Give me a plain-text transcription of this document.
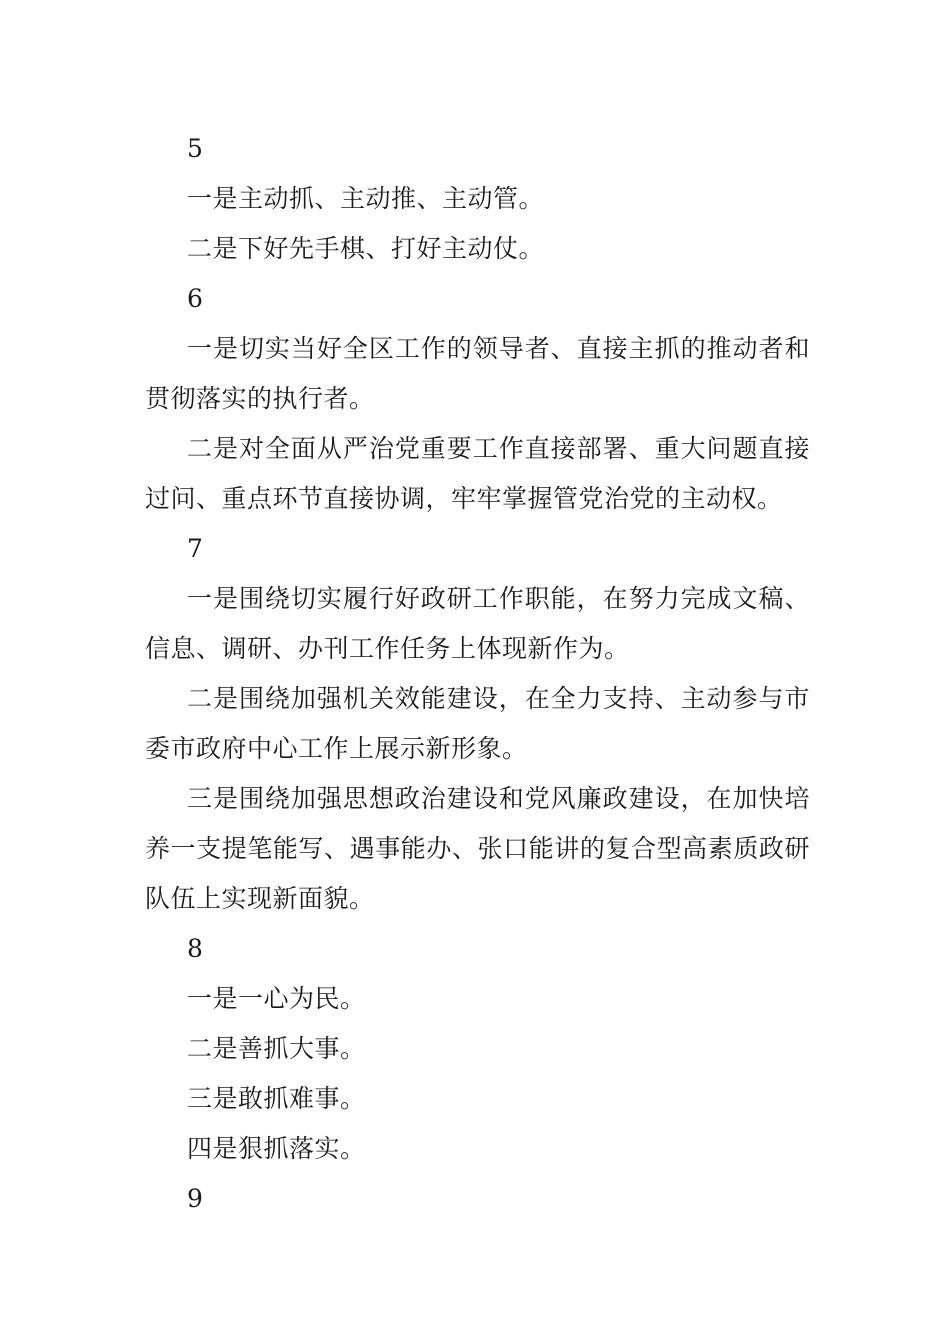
5

一是主动抓、主动推、主动管。

二是下好先手棋、打好主动仗。

6

一是切实当好全区工作的领导者、直接主抓的推动者和贯彻落实的执行者。

二是对全面从严治党重要工作直接部署、重大问题直接过问、重点环节直接协调，牢牢掌握管党治党的主动权。

7

一是围绕切实履行好政研工作职能，在努力完成文稿、信息、调研、办刊工作任务上体现新作为。

二是围绕加强机关效能建设，在全力支持、主动参与市委市政府中心工作上展示新形象。

三是围绕加强思想政治建设和党风廉政建设，在加快培养一支提笔能写、遇事能办、张口能讲的复合型高素质政研队伍上实现新面貌。

8

一是一心为民。

二是善抓大事。

三是敢抓难事。

四是狠抓落实。

9
